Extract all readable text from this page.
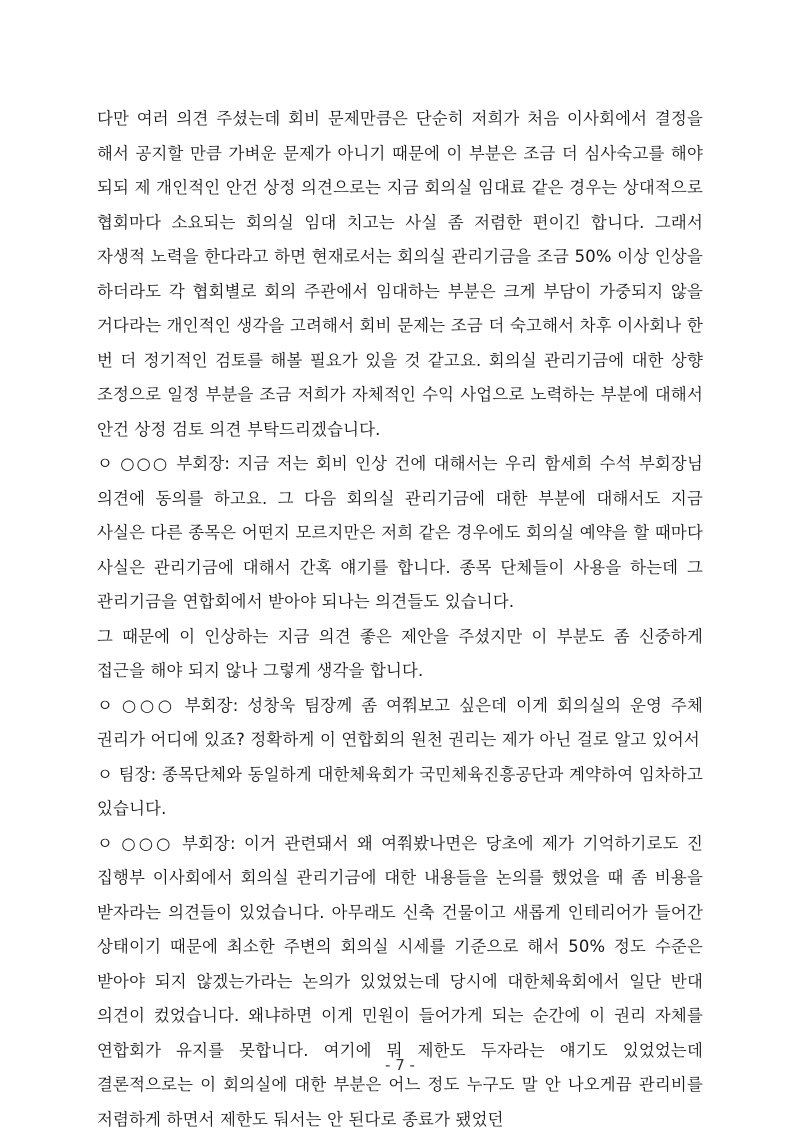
다만 여러 의견 주셨는데 회비 문제만큼은 단순히 저희가 처음 이사회에서 결정을 해서 공지할 만큼 가벼운 문제가 아니기 때문에 이 부분은 조금 더 심사숙고를 해야 되되 제 개인적인 안건 상정 의견으로는 지금 회의실 임대료 같은 경우는 상대적으로 협회마다 소요되는 회의실 임대 치고는 사실 좀 저렴한 편이긴 합니다. 그래서 자생적 노력을 한다라고 하면 현재로서는 회의실 관리기금을 조금 50% 이상 인상을 하더라도 각 협회별로 회의 주관에서 임대하는 부분은 크게 부담이 가중되지 않을 거다라는 개인적인 생각을 고려해서 회비 문제는 조금 더 숙고해서 차후 이사회나 한 번 더 정기적인 검토를 해볼 필요가 있을 것 같고요. 회의실 관리기금에 대한 상향 조정으로 일정 부분을 조금 저희가 자체적인 수익 사업으로 노력하는 부분에 대해서 안건 상정 검토 의견 부탁드리겠습니다.

ㅇ ○○○ 부회장: 지금 저는 회비 인상 건에 대해서는 우리 함세희 수석 부회장님 의견에 동의를 하고요. 그 다음 회의실 관리기금에 대한 부분에 대해서도 지금 사실은 다른 종목은 어떤지 모르지만은 저희 같은 경우에도 회의실 예약을 할 때마다 사실은 관리기금에 대해서 간혹 얘기를 합니다. 종목 단체들이 사용을 하는데 그 관리기금을 연합회에서 받아야 되나는 의견들도 있습니다.

그 때문에 이 인상하는 지금 의견 좋은 제안을 주셨지만 이 부분도 좀 신중하게 접근을 해야 되지 않나 그렇게 생각을 합니다.

ㅇ ○○○ 부회장: 성창욱 팀장께 좀 여쭤보고 싶은데 이게 회의실의 운영 주체 권리가 어디에 있죠? 정확하게 이 연합회의 원천 권리는 제가 아닌 걸로 알고 있어서

ㅇ 팀장: 종목단체와 동일하게 대한체육회가 국민체육진흥공단과 계약하여 임차하고 있습니다.

ㅇ ○○○ 부회장: 이거 관련돼서 왜 여쭤봤나면은 당초에 제가 기억하기로도 진 집행부 이사회에서 회의실 관리기금에 대한 내용들을 논의를 했었을 때 좀 비용을 받자라는 의견들이 있었습니다. 아무래도 신축 건물이고 새롭게 인테리어가 들어간 상태이기 때문에 최소한 주변의 회의실 시세를 기준으로 해서 50% 정도 수준은 받아야 되지 않겠는가라는 논의가 있었었는데 당시에 대한체육회에서 일단 반대 의견이 컸었습니다. 왜냐하면 이게 민원이 들어가게 되는 순간에 이 권리 자체를 연합회가 유지를 못합니다. 여기에 뭐 제한도 두자라는 얘기도 있었었는데 결론적으로는 이 회의실에 대한 부분은 어느 정도 누구도 말 안 나오게끔 관리비를 저렴하게 하면서 제한도 둬서는 안 된다로 종료가 됐었던

- 7 -
